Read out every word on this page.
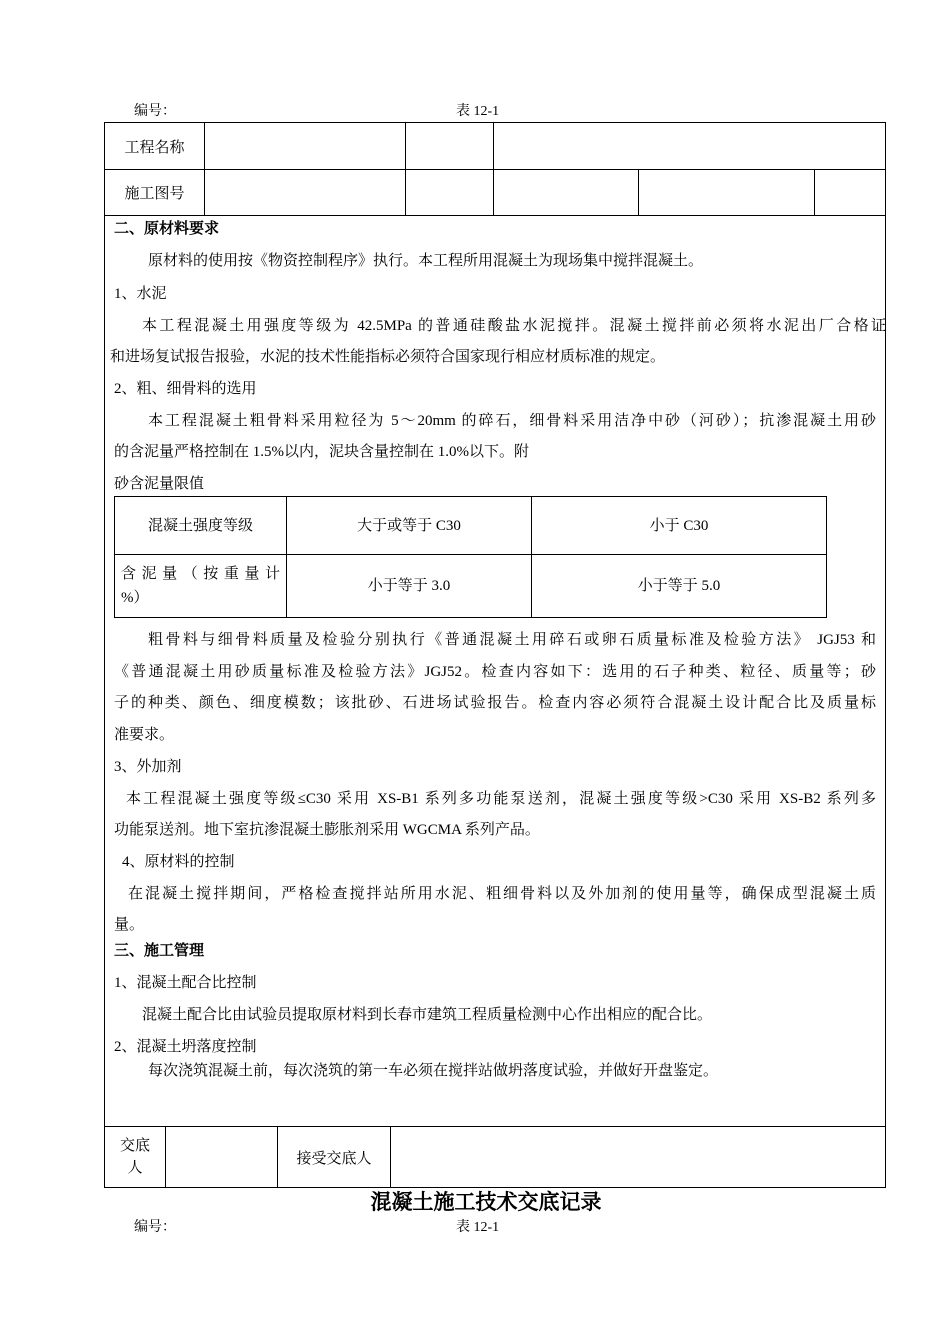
编号：	表 12-1
工程名称			
施工图号					

二、原材料要求
原材料的使用按《物资控制程序》执行。本工程所用混凝土为现场集中搅拌混凝土。
1、水泥
本工程混凝土用强度等级为 42.5MPa 的普通硅酸盐水泥搅拌。混凝土搅拌前必须将水泥出厂合格证
和进场复试报告报验，水泥的技术性能指标必须符合国家现行相应材质标准的规定。
2、粗、细骨料的选用
本工程混凝土粗骨料采用粒径为 5～20mm 的碎石，细骨料采用洁净中砂（河砂）；抗渗混凝土用砂
的含泥量严格控制在 1.5%以内，泥块含量控制在 1.0%以下。附
砂含泥量限值
混凝土强度等级	大于或等于 C30	小于 C30

含泥量（按重量计
%）
	小于等于 3.0	小于等于 5.0
粗骨料与细骨料质量及检验分别执行《普通混凝土用碎石或卵石质量标准及检验方法》 JGJ53 和
《普通混凝土用砂质量标准及检验方法》JGJ52。检查内容如下：选用的石子种类、粒径、质量等；砂
子的种类、颜色、细度模数；该批砂、石进场试验报告。检查内容必须符合混凝土设计配合比及质量标
准要求。
3、外加剂
本工程混凝土强度等级≤C30 采用 XS-B1 系列多功能泵送剂，混凝土强度等级>C30 采用 XS-B2 系列多
功能泵送剂。地下室抗渗混凝土膨胀剂采用 WGCMA 系列产品。
4、原材料的控制
在混凝土搅拌期间，严格检查搅拌站所用水泥、粗细骨料以及外加剂的使用量等，确保成型混凝土质
量。
三、施工管理
1、混凝土配合比控制
混凝土配合比由试验员提取原材料到长春市建筑工程质量检测中心作出相应的配合比。
2、混凝土坍落度控制
每次浇筑混凝土前，每次浇筑的第一车必须在搅拌站做坍落度试验，并做好开盘鉴定。
交底
人
		接受交底人	
混凝土施工技术交底记录
编号：	表 12-1
